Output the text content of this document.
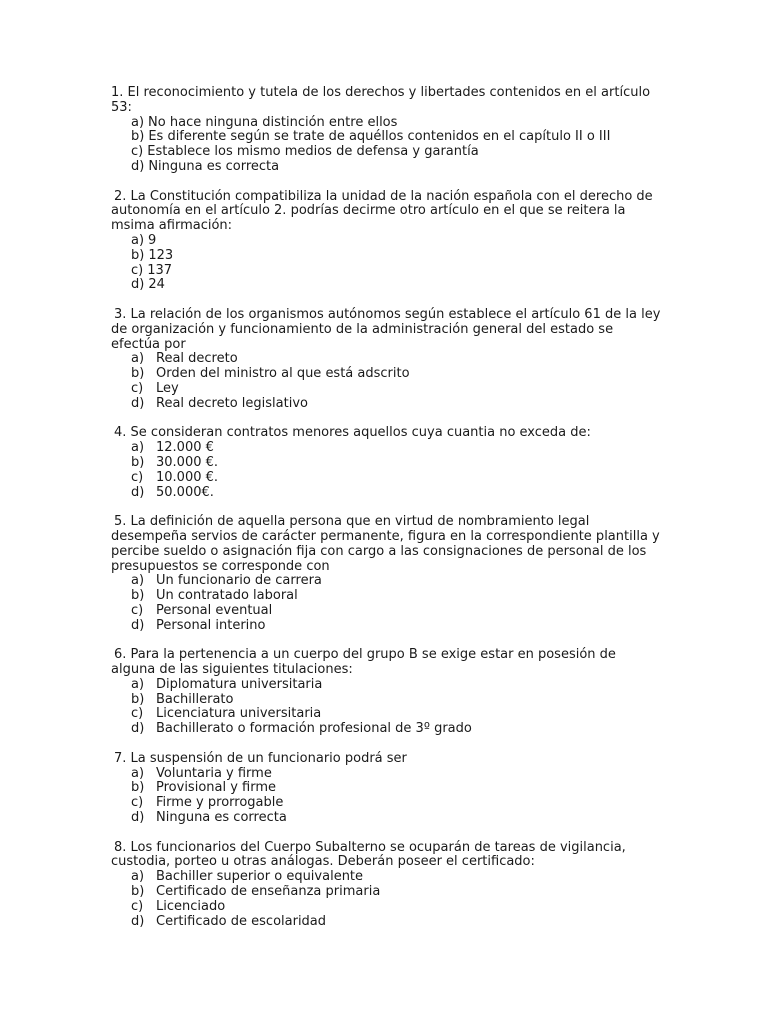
1. El reconocimiento y tutela de los derechos y libertades contenidos en el artículo 53:

a) No hace ninguna distinción entre ellos
b) Es diferente según se trate de aquéllos contenidos en el capítulo II o III
c) Establece los mismo medios de defensa y garantía
d) Ninguna es correcta

2. La Constitución compatibiliza la unidad de la nación española con el derecho de autonomía en el artículo 2. podrías decirme otro artículo en el que se reitera la msima afirmación:

a) 9
b) 123
c) 137
d) 24

3. La relación de los organismos autónomos según establece el artículo 61 de la ley de organización y funcionamiento de la administración general del estado se efectúa por

a) Real decreto
b) Orden del ministro al que está adscrito
c) Ley
d) Real decreto legislativo

4. Se consideran contratos menores aquellos cuya cuantia no exceda de:

a) 12.000 €
b) 30.000 €.
c) 10.000 €.
d) 50.000€.

5. La definición de aquella persona que en virtud de nombramiento legal desempeña servios de carácter permanente, figura en la correspondiente plantilla y percibe sueldo o asignación fija con cargo a las consignaciones de personal de los presupuestos se corresponde con

a) Un funcionario de carrera
b) Un contratado laboral
c) Personal eventual
d) Personal interino

6. Para la pertenencia a un cuerpo del grupo B se exige estar en posesión de alguna de las siguientes titulaciones:

a) Diplomatura universitaria
b) Bachillerato
c) Licenciatura universitaria
d) Bachillerato o formación profesional de 3º grado

7. La suspensión de un funcionario podrá ser

a) Voluntaria y firme
b) Provisional y firme
c) Firme y prorrogable
d) Ninguna es correcta

8. Los funcionarios del Cuerpo Subalterno se ocuparán de tareas de vigilancia, custodia, porteo u otras análogas. Deberán poseer el certificado:

a) Bachiller superior o equivalente
b) Certificado de enseñanza primaria
c) Licenciado
d) Certificado de escolaridad
